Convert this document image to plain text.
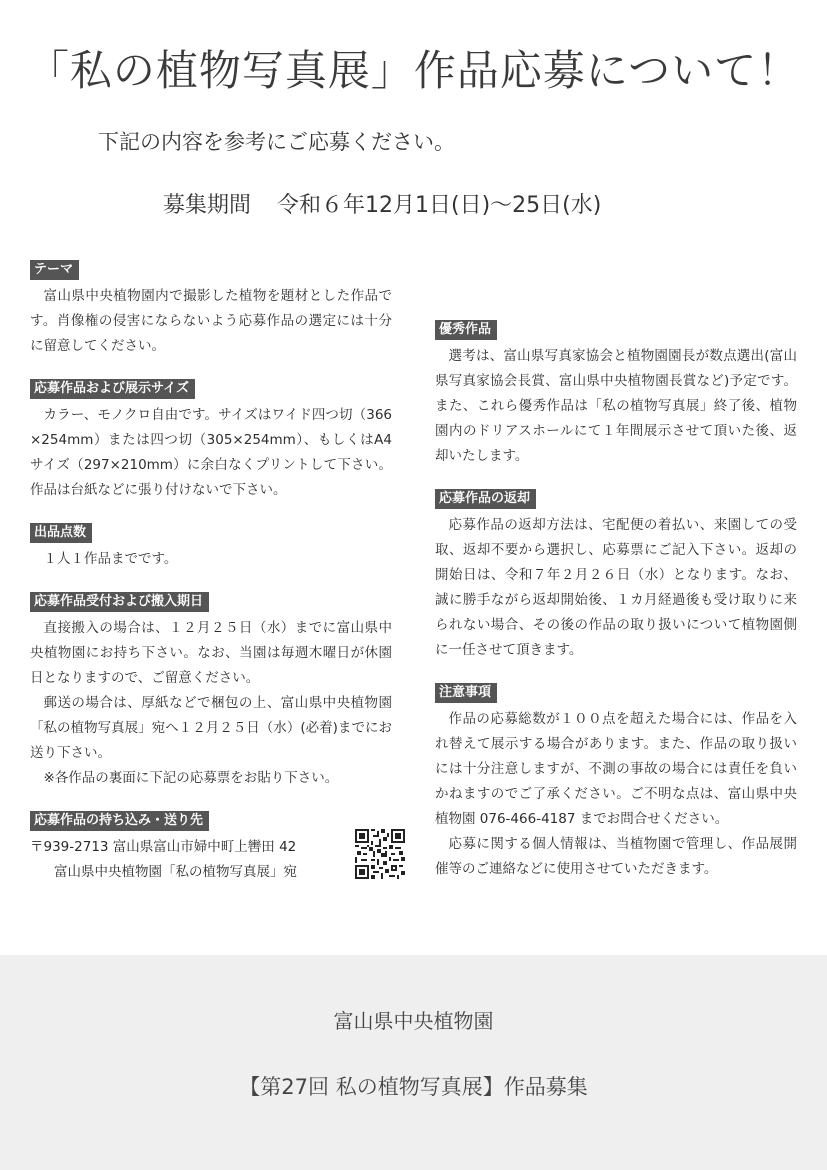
「私の植物写真展」作品応募について！
下記の内容を参考にご応募ください。
募集期間 令和６年12月1日(日)～25日(水)
テーマ

富山県中央植物園内で撮影した植物を題材とした作品です。肖像権の侵害にならないよう応募作品の選定には十分に留意してください。

応募作品および展示サイズ

カラー、モノクロ自由です。サイズはワイド四つ切（366×254mm）または四つ切（305×254mm）、もしくはA4サイズ（297×210mm）に余白なくプリントして下さい。作品は台紙などに張り付けないで下さい。

出品点数

１人１作品までです。

応募作品受付および搬入期日

直接搬入の場合は、１２月２５日（水）までに富山県中央植物園にお持ち下さい。なお、当園は毎週木曜日が休園日となりますので、ご留意ください。

郵送の場合は、厚紙などで梱包の上、富山県中央植物園「私の植物写真展」宛へ１２月２５日（水）(必着)までにお送り下さい。

※各作品の裏面に下記の応募票をお貼り下さい。

応募作品の持ち込み・送り先
〒939-2713 富山県富山市婦中町上轡田 42
富山県中央植物園「私の植物写真展」宛
優秀作品

選考は、富山県写真家協会と植物園園長が数点選出(富山県写真家協会長賞、富山県中央植物園長賞など)予定です。また、これら優秀作品は「私の植物写真展」終了後、植物園内のドリアスホールにて１年間展示させて頂いた後、返却いたします。

応募作品の返却

応募作品の返却方法は、宅配便の着払い、来園しての受取、返却不要から選択し、応募票にご記入下さい。返却の開始日は、令和７年２月２６日（水）となります。なお、誠に勝手ながら返却開始後、１カ月経過後も受け取りに来られない場合、その後の作品の取り扱いについて植物園側に一任させて頂きます。

注意事項

作品の応募総数が１００点を超えた場合には、作品を入れ替えて展示する場合があります。また、作品の取り扱いには十分注意しますが、不測の事故の場合には責任を負いかねますのでご了承ください。ご不明な点は、富山県中央植物園 076-466-4187 までお問合せください。

応募に関する個人情報は、当植物園で管理し、作品展開催等のご連絡などに使用させていただきます。

富山県中央植物園
【第27回 私の植物写真展】作品募集
